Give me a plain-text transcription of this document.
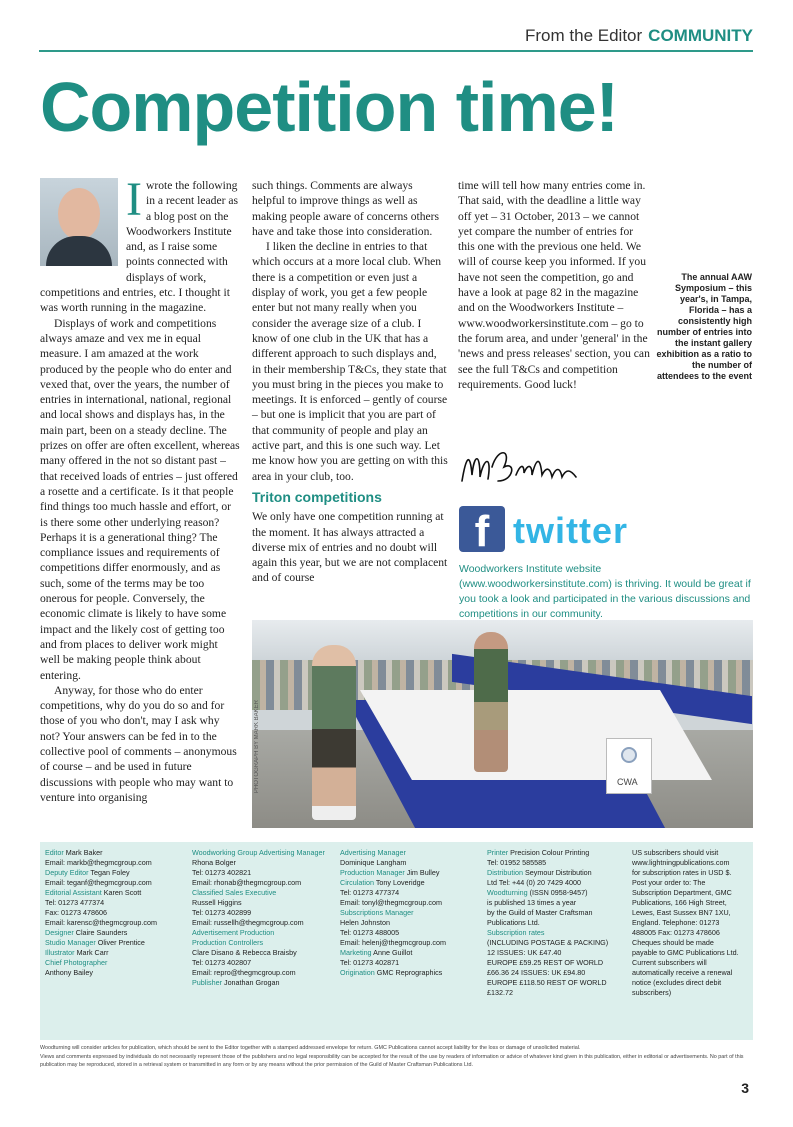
From the Editor COMMUNITY
Competition time!
I wrote the following in a recent leader as a blog post on the Woodworkers Institute and, as I raise some points connected with displays of work, competitions and entries, etc. I thought it was worth running in the magazine.

Displays of work and competitions always amaze and vex me in equal measure. I am amazed at the work produced by the people who do enter and vexed that, over the years, the number of entries in international, national, regional and local shows and displays has, in the main part, been on a steady decline. The prizes on offer are often excellent, whereas many offered in the not so distant past – that received loads of entries – just offered a rosette and a certificate. Is it that people find things too much hassle and effort, or is there some other underlying reason? Perhaps it is a generational thing? The compliance issues and requirements of competitions differ enormously, and as such, some of the terms may be too onerous for people. Conversely, the economic climate is likely to have some impact and the likely cost of getting too and from places to deliver work might well be making people think about entering.

Anyway, for those who do enter competitions, why do you do so and for those of you who don't, may I ask why not? Your answers can be fed in to the collective pool of comments – anonymous of course – and be used in future discussions with people who may want to venture into organising

such things. Comments are always helpful to improve things as well as making people aware of concerns others have and take those into consideration.

I liken the decline in entries to that which occurs at a more local club. When there is a competition or even just a display of work, you get a few people enter but not many really when you consider the average size of a club. I know of one club in the UK that has a different approach to such displays and, in their membership T&Cs, they state that you must bring in the pieces you make to meetings. It is enforced – gently of course – but one is implicit that you are part of that community of people and play an active part, and this is one such way. Let me know how you are getting on with this area in your club, too.

Triton competitions

We only have one competition running at the moment. It has always attracted a diverse mix of entries and no doubt will again this year, but we are not complacent and of course

time will tell how many entries come in. That said, with the deadline a little way off yet – 31 October, 2013 – we cannot yet compare the number of entries for this one with the previous one held. We will of course keep you informed. If you have not seen the competition, go and have a look at page 82 in the magazine and on the Woodworkers Institute – www.woodworkersinstitute.com – go to the forum area, and under 'general' in the 'news and press releases' section, you can see the full T&Cs and competition requirements. Good luck!

The annual AAW Symposium – this year's, in Tampa, Florida – has a consistently high number of entries into the instant gallery exhibition as a ratio to the number of attendees to the event
f twitter
Woodworkers Institute website (www.woodworkersinstitute.com) is thriving. It would be great if you took a look and participated in the various discussions and competitions in our community.
CWA
PHOTOGRAPH BY MARK BAKER
Editor Mark Baker
Email: markb@thegmcgroup.com
Deputy Editor Tegan Foley
Email: teganf@thegmcgroup.com
Editorial Assistant Karen Scott
Tel: 01273 477374
Fax: 01273 478606
Email: karensc@thegmcgroup.com
Designer Claire Saunders
Studio Manager Oliver Prentice
Illustrator Mark Carr
Chief Photographer
Anthony Bailey
Woodworking Group Advertising Manager Rhona Bolger
Tel: 01273 402821
Email: rhonab@thegmcgroup.com
Classified Sales Executive
Russell Higgins
Tel: 01273 402899
Email: russellh@thegmcgroup.com
Advertisement Production
Production Controllers
Clare Disano & Rebecca Braisby
Tel: 01273 402807
Email: repro@thegmcgroup.com
Publisher Jonathan Grogan
Advertising Manager
Dominique Langham
Production Manager Jim Bulley
Circulation Tony Loveridge
Tel: 01273 477374
Email: tonyl@thegmcgroup.com
Subscriptions Manager
Helen Johnston
Tel: 01273 488005
Email: helenj@thegmcgroup.com
Marketing Anne Guillot
Tel: 01273 402871
Origination GMC Reprographics
Printer Precision Colour Printing
Tel: 01952 585585
Distribution Seymour Distribution
Ltd Tel: +44 (0) 20 7429 4000
Woodturning (ISSN 0958-9457)
is published 13 times a year
by the Guild of Master Craftsman
Publications Ltd.
Subscription rates
(INCLUDING POSTAGE & PACKING)
12 ISSUES: UK £47.40
EUROPE £59.25 REST OF WORLD
£66.36 24 ISSUES: UK £94.80
EUROPE £118.50 REST OF WORLD
£132.72
US subscribers should visit
www.lightningpublications.com
for subscription rates in USD $.
Post your order to: The
Subscription Department, GMC
Publications, 166 High Street,
Lewes, East Sussex BN7 1XU,
England. Telephone: 01273
488005 Fax: 01273 478606
Cheques should be made
payable to GMC Publications Ltd.
Current subscribers will
automatically receive a renewal
notice (excludes direct debit
subscribers)

Woodturning will consider articles for publication, which should be sent to the Editor together with a stamped addressed envelope for return. GMC Publications cannot accept liability for the loss or damage of unsolicited material.

Views and comments expressed by individuals do not necessarily represent those of the publishers and no legal responsibility can be accepted for the result of the use by readers of information or advice of whatever kind given in this publication, either in editorial or advertisements. No part of this publication may be reproduced, stored in a retrieval system or transmitted in any form or by any means without the prior permission of the Guild of Master Craftsman Publications Ltd.

3
